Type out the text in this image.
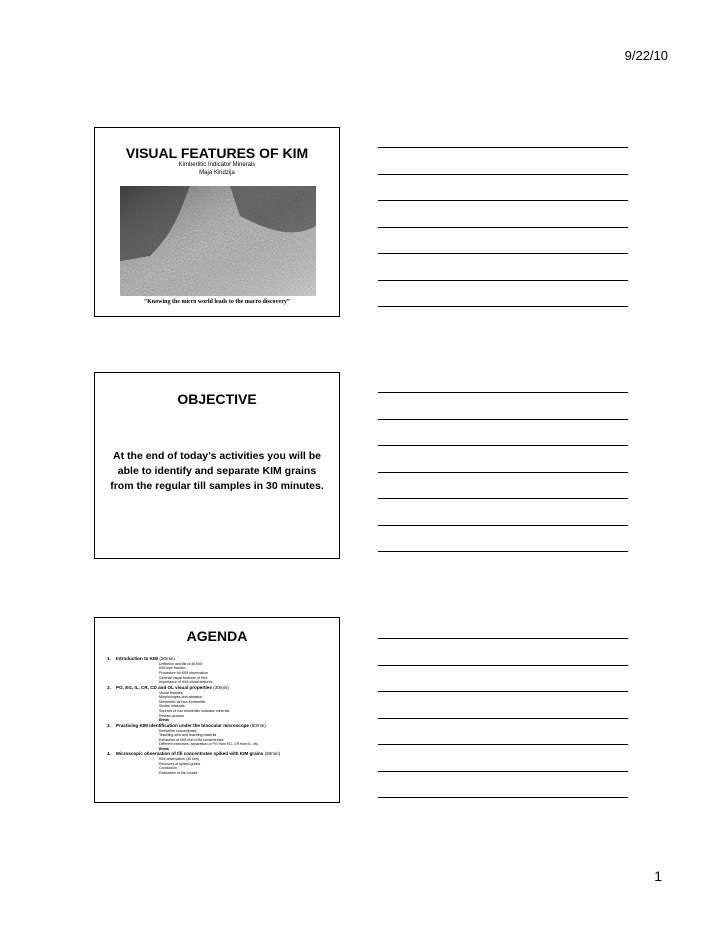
9/22/10
VISUAL FEATURES OF KIM
Kimberlitic Indicator Minerals
Maja Kiridzija
“Knowing the micro world leads to the macro discovery”
OBJECTIVE
At the end of today’s activities you will be able to identify and separate KIM grains from the regular till samples in 30 minutes.
AGENDA
1. Introduction to KIM (30min)
Definition and list of all KIM
KIM size fraction
Procedure for KIM observation
General visual features of KIM
Importance of KIM visual features
2. PG, EG, IL, CR, CD and OL visual properties (30min)
Visual features
Morphologies and abrasion
Kimberlitic vs Non Kimberlitic
Similar minerals
Sources of non kimberlitic indicator minerals
Review quizzes
Break
3. Practicing KIM identification under the binocular microscope (60min)
Kimberlite concentrates
Teaching sets and teaching material
Extraction of KIM from KIM concentrates
Different exercises: separation of PG from EG, CR from IL, etc.
Break
4. Microscopic observation of till concentrates spiked with KIM grains (60min)
KIM observation (30 min)
Recovery of spiked grains
Conclusion
Evaluation of the course
1
